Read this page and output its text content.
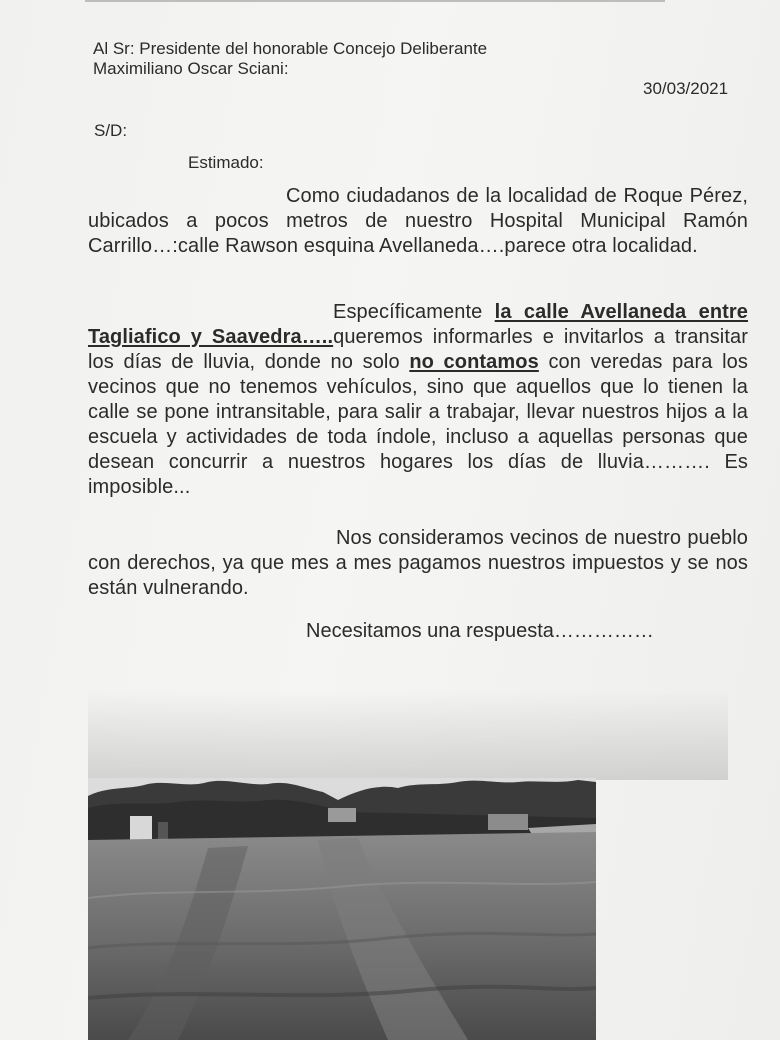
Al Sr: Presidente del honorable Concejo Deliberante
Maximiliano Oscar Sciani:
30/03/2021
S/D:
Estimado:
Como ciudadanos de la localidad de Roque Pérez, ubicados a pocos metros de nuestro Hospital Municipal Ramón Carrillo…:calle Rawson esquina Avellaneda….parece otra localidad.
Específicamente la calle Avellaneda entre Tagliafico y Saavedra…..queremos informarles e invitarlos a transitar los días de lluvia, donde no solo no contamos con veredas para los vecinos que no tenemos vehículos, sino que aquellos que lo tienen la calle se pone intransitable, para salir a trabajar, llevar nuestros hijos a la escuela y actividades de toda índole, incluso a aquellas personas que desean concurrir a nuestros hogares los días de lluvia………. Es imposible...
Nos consideramos vecinos de nuestro pueblo con derechos, ya que mes a mes pagamos nuestros impuestos y se nos están vulnerando.
Necesitamos una respuesta……………
